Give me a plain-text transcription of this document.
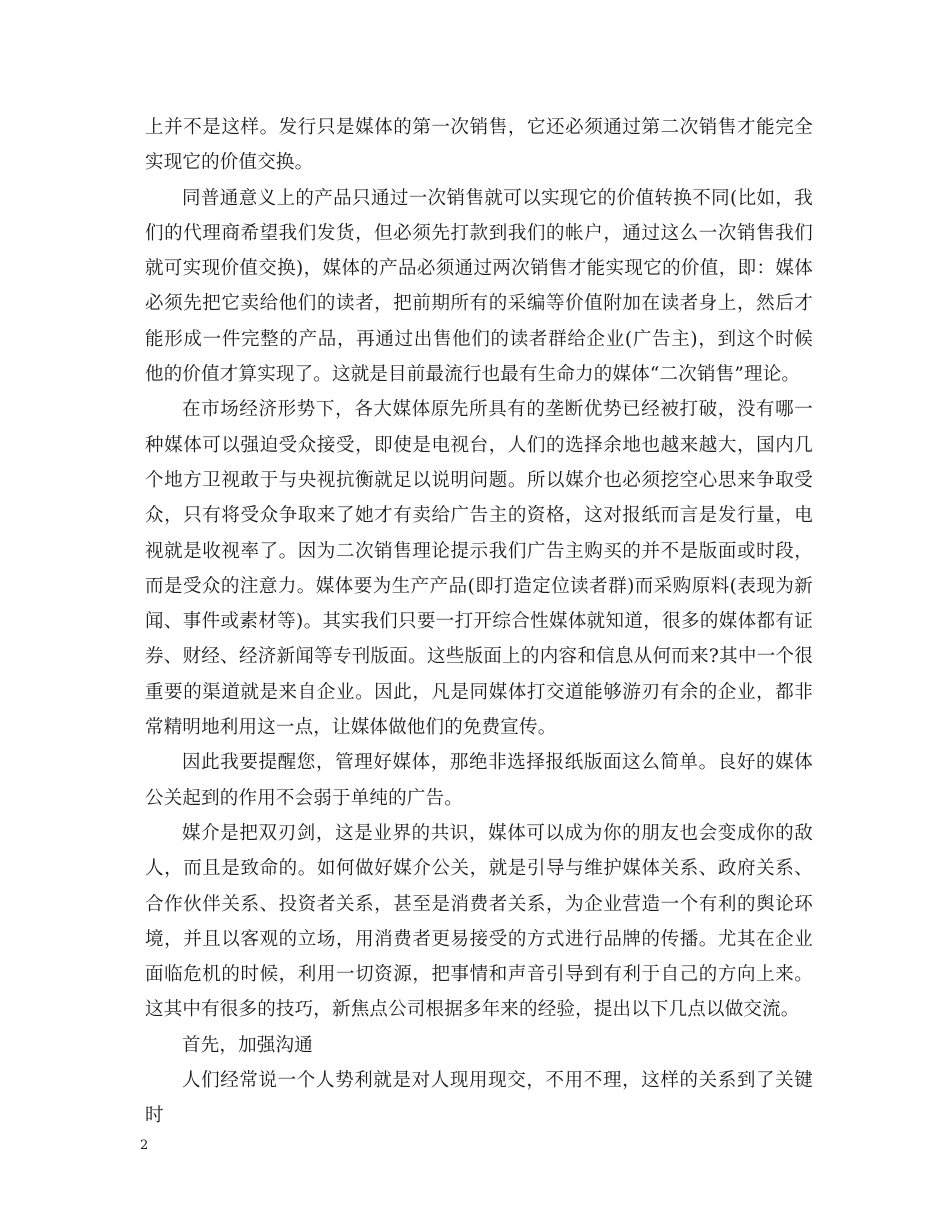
上并不是这样。发行只是媒体的第一次销售，它还必须通过第二次销售才能完全实现它的价值交换。

同普通意义上的产品只通过一次销售就可以实现它的价值转换不同(比如，我们的代理商希望我们发货，但必须先打款到我们的帐户，通过这么一次销售我们就可实现价值交换)，媒体的产品必须通过两次销售才能实现它的价值，即：媒体必须先把它卖给他们的读者，把前期所有的采编等价值附加在读者身上，然后才能形成一件完整的产品，再通过出售他们的读者群给企业(广告主)，到这个时候他的价值才算实现了。这就是目前最流行也最有生命力的媒体“二次销售”理论。

在市场经济形势下，各大媒体原先所具有的垄断优势已经被打破，没有哪一种媒体可以强迫受众接受，即使是电视台，人们的选择余地也越来越大，国内几个地方卫视敢于与央视抗衡就足以说明问题。所以媒介也必须挖空心思来争取受众，只有将受众争取来了她才有卖给广告主的资格，这对报纸而言是发行量，电视就是收视率了。因为二次销售理论提示我们广告主购买的并不是版面或时段，而是受众的注意力。媒体要为生产产品(即打造定位读者群)而采购原料(表现为新闻、事件或素材等)。其实我们只要一打开综合性媒体就知道，很多的媒体都有证券、财经、经济新闻等专刊版面。这些版面上的内容和信息从何而来?其中一个很重要的渠道就是来自企业。因此，凡是同媒体打交道能够游刃有余的企业，都非常精明地利用这一点，让媒体做他们的免费宣传。

因此我要提醒您，管理好媒体，那绝非选择报纸版面这么简单。良好的媒体公关起到的作用不会弱于单纯的广告。

媒介是把双刃剑，这是业界的共识，媒体可以成为你的朋友也会变成你的敌人，而且是致命的。如何做好媒介公关，就是引导与维护媒体关系、政府关系、合作伙伴关系、投资者关系，甚至是消费者关系，为企业营造一个有利的舆论环境，并且以客观的立场，用消费者更易接受的方式进行品牌的传播。尤其在企业面临危机的时候，利用一切资源，把事情和声音引导到有利于自己的方向上来。这其中有很多的技巧，新焦点公司根据多年来的经验，提出以下几点以做交流。

首先，加强沟通

人们经常说一个人势利就是对人现用现交，不用不理，这样的关系到了关键时

2
